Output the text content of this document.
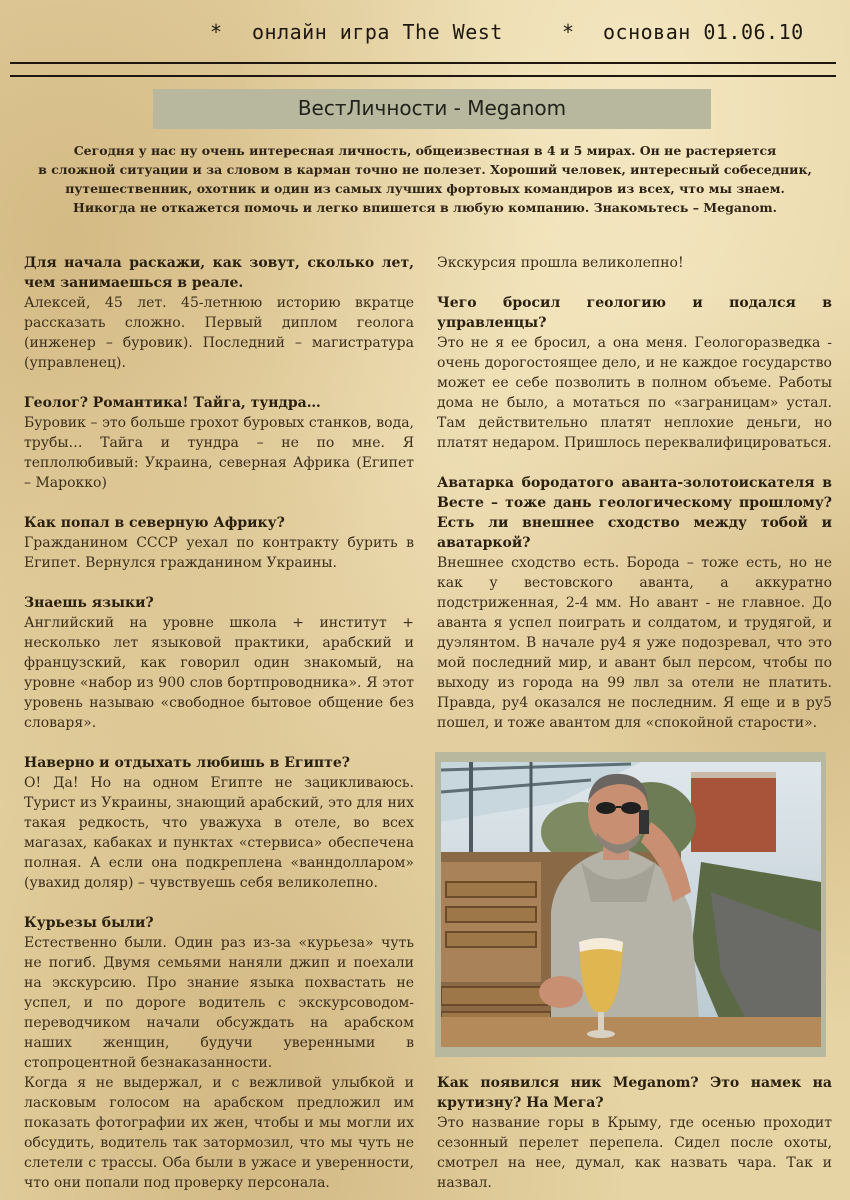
* онлайн игра The West	* основан 01.06.10
ВестЛичности - Meganom

Сегодня у нас ну очень интересная личность, общеизвестная в 4 и 5 мирах. Он не растеряется

в сложной ситуации и за словом в карман точно не полезет. Хороший человек, интересный собеседник,

путешественник, охотник и один из самых лучших фортовых командиров из всех, что мы знаем.

Никогда не откажется помочь и легко впишется в любую компанию. Знакомьтесь – Meganom.

Для начала раскажи, как зовут, сколько лет, чем занимаешься в реале.

Алексей, 45 лет. 45-летнюю историю вкратце рассказать сложно. Первый диплом геолога (инженер – буровик). Последний – магистратура (управленец).

Геолог? Романтика! Тайга, тундра…

Буровик – это больше грохот буровых станков, вода, трубы… Тайга и тундра – не по мне. Я теплолюбивый: Украина, северная Африка (Египет – Марокко)

Как попал в северную Африку?

Гражданином СССР уехал по контракту бурить в Египет. Вернулся гражданином Украины.

Знаешь языки?

Английский на уровне школа + институт + несколько лет языковой практики, арабский и французский, как говорил один знакомый, на уровне «набор из 900 слов бортпроводника». Я этот уровень называю «свободное бытовое общение без словаря».

Наверно и отдыхать любишь в Египте?

О! Да! Но на одном Египте не зацикливаюсь. Турист из Украины, знающий арабский, это для них такая редкость, что уважуха в отеле, во всех магазах, кабаках и пунктах «стервиса» обеспечена полная. А если она подкреплена «ванндолларом» (увахид доляр) – чувствуешь себя великолепно.

Курьезы были?

Естественно были. Один раз из-за «курьеза» чуть не погиб. Двумя семьями наняли джип и поехали на экскурсию. Про знание языка похвастать не успел, и по дороге водитель с экскурсоводом-переводчиком начали обсуждать на арабском наших женщин, будучи уверенными в стопроцентной безнаказанности.

Когда я не выдержал, и с вежливой улыбкой и ласковым голосом на арабском предложил им показать фотографии их жен, чтобы и мы могли их обсудить, водитель так затормозил, что мы чуть не слетели с трассы. Оба были в ужасе и уверенности, что они попали под проверку персонала.

Экскурсия прошла великолепно!

Чего бросил геологию и подался в управленцы?

Это не я ее бросил, а она меня. Геологоразведка - очень дорогостоящее дело, и не каждое государство может ее себе позволить в полном объеме. Работы дома не было, а мотаться по «заграницам» устал. Там действительно платят неплохие деньги, но платят недаром. Пришлось переквалифицироваться.

Аватарка бородатого аванта-золотоискателя в Весте – тоже дань геологическому прошлому? Есть ли внешнее сходство между тобой и аватаркой?

Внешнее сходство есть. Борода – тоже есть, но не как у вестовского аванта, а аккуратно подстриженная, 2-4 мм. Но авант - не главное. До аванта я успел поиграть и солдатом, и трудягой, и дуэлянтом. В начале ру4 я уже подозревал, что это мой последний мир, и авант был персом, чтобы по выходу из города на 99 лвл за отели не платить. Правда, ру4 оказался не последним. Я еще и в ру5 пошел, и тоже авантом для «спокойной старости».

Как появился ник Meganom? Это намек на крутизну? На Мега?

Это название горы в Крыму, где осенью проходит сезонный перелет перепела. Сидел после охоты, смотрел на нее, думал, как назвать чара. Так и назвал.
